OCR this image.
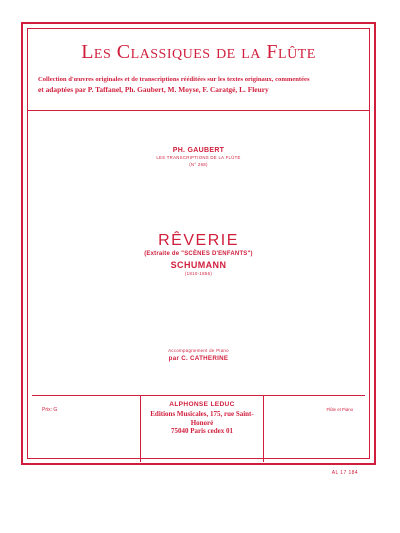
Les Classiques de la Flûte
Collection d'œuvres originales et de transcriptions rééditées sur les textes originaux, commentées
et adaptées par P. Taffanel, Ph. Gaubert, M. Moyse, F. Caratgé, L. Fleury
PH. GAUBERT
LES TRANSCRIPTIONS DE LA FLÛTE
(N° 268)
RÊVERIE
(Extraite de "SCÈNES D'ENFANTS")
SCHUMANN
(1810-1856)
Accompagnement de Piano
par C. CATHERINE
Prix: G
ALPHONSE LEDUC
Editions Musicales, 175, rue Saint-Honoré
75040 Paris cedex 01
Flûte et Piano
AL 17 184
